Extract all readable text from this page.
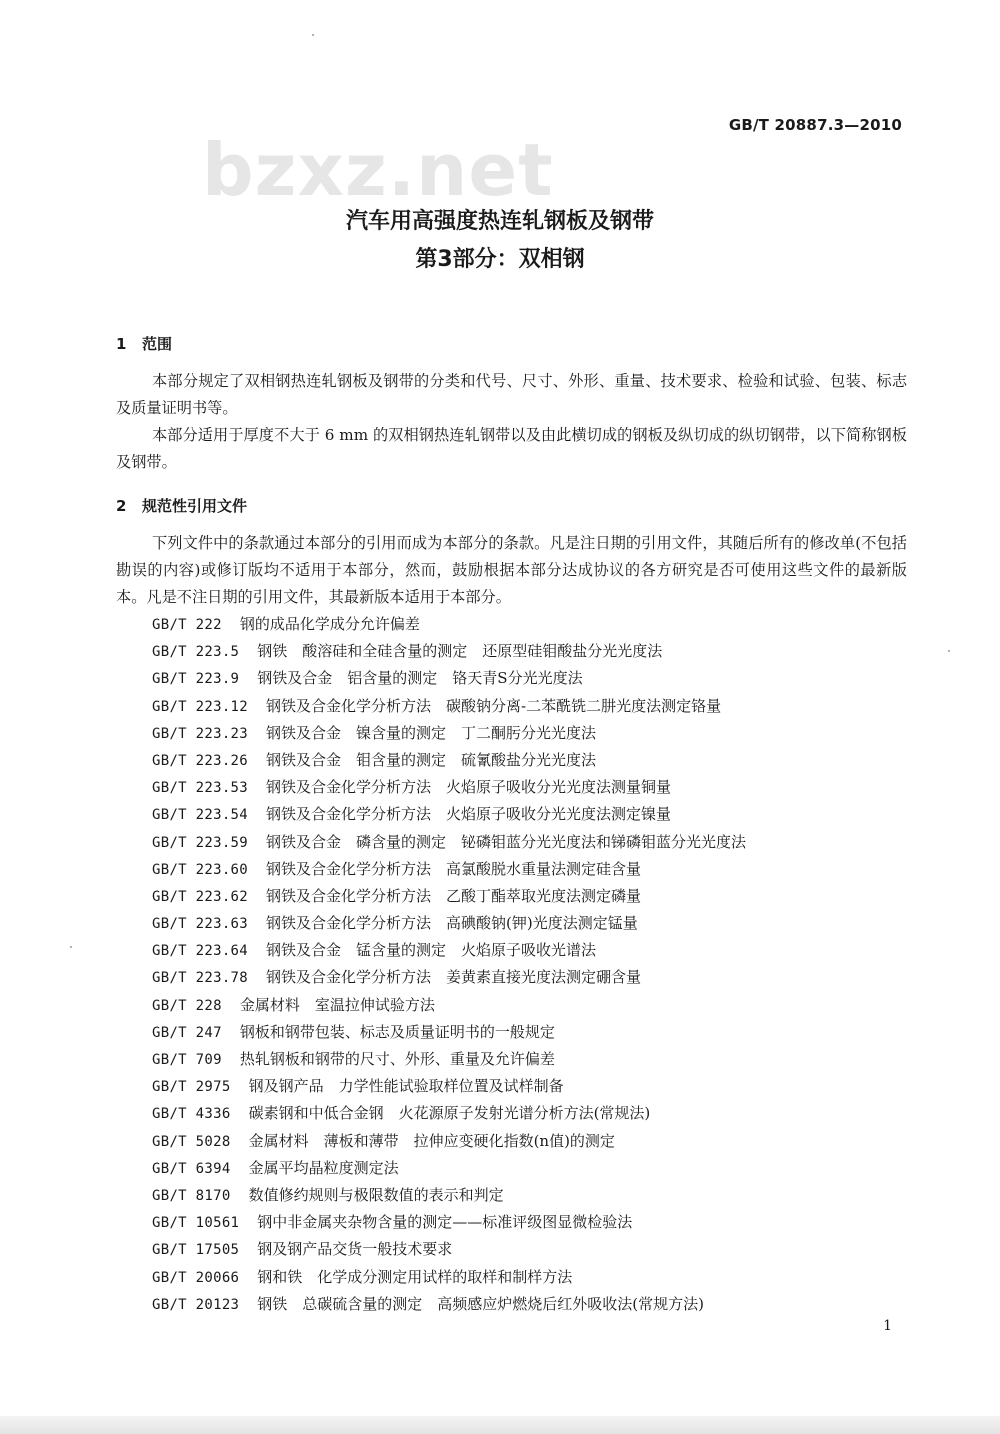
bzxz.net
GB/T 20887.3—2010
汽车用高强度热连轧钢板及钢带
第3部分：双相钢
1 范围
本部分规定了双相钢热连轧钢板及钢带的分类和代号、尺寸、外形、重量、技术要求、检验和试验、包装、标志及质量证明书等。
本部分适用于厚度不大于 6 mm 的双相钢热连轧钢带以及由此横切成的钢板及纵切成的纵切钢带，以下简称钢板及钢带。
2 规范性引用文件
下列文件中的条款通过本部分的引用而成为本部分的条款。凡是注日期的引用文件，其随后所有的修改单(不包括勘误的内容)或修订版均不适用于本部分，然而，鼓励根据本部分达成协议的各方研究是否可使用这些文件的最新版本。凡是不注日期的引用文件，其最新版本适用于本部分。
GB/T 222 钢的成品化学成分允许偏差
GB/T 223.5 钢铁　酸溶硅和全硅含量的测定　还原型硅钼酸盐分光光度法
GB/T 223.9 钢铁及合金　铝含量的测定　铬天青S分光光度法
GB/T 223.12 钢铁及合金化学分析方法　碳酸钠分离-二苯酰铣二肼光度法测定铬量
GB/T 223.23 钢铁及合金　镍含量的测定　丁二酮肟分光光度法
GB/T 223.26 钢铁及合金　钼含量的测定　硫氰酸盐分光光度法
GB/T 223.53 钢铁及合金化学分析方法　火焰原子吸收分光光度法测量铜量
GB/T 223.54 钢铁及合金化学分析方法　火焰原子吸收分光光度法测定镍量
GB/T 223.59 钢铁及合金　磷含量的测定　铋磷钼蓝分光光度法和锑磷钼蓝分光光度法
GB/T 223.60 钢铁及合金化学分析方法　高氯酸脱水重量法测定硅含量
GB/T 223.62 钢铁及合金化学分析方法　乙酸丁酯萃取光度法测定磷量
GB/T 223.63 钢铁及合金化学分析方法　高碘酸钠(钾)光度法测定锰量
GB/T 223.64 钢铁及合金　锰含量的测定　火焰原子吸收光谱法
GB/T 223.78 钢铁及合金化学分析方法　姜黄素直接光度法测定硼含量
GB/T 228 金属材料　室温拉伸试验方法
GB/T 247 钢板和钢带包装、标志及质量证明书的一般规定
GB/T 709 热轧钢板和钢带的尺寸、外形、重量及允许偏差
GB/T 2975 钢及钢产品　力学性能试验取样位置及试样制备
GB/T 4336 碳素钢和中低合金钢　火花源原子发射光谱分析方法(常规法)
GB/T 5028 金属材料　薄板和薄带　拉伸应变硬化指数(n值)的测定
GB/T 6394 金属平均晶粒度测定法
GB/T 8170 数值修约规则与极限数值的表示和判定
GB/T 10561 钢中非金属夹杂物含量的测定——标准评级图显微检验法
GB/T 17505 钢及钢产品交货一般技术要求
GB/T 20066 钢和铁　化学成分测定用试样的取样和制样方法
GB/T 20123 钢铁　总碳硫含量的测定　高频感应炉燃烧后红外吸收法(常规方法)
1
